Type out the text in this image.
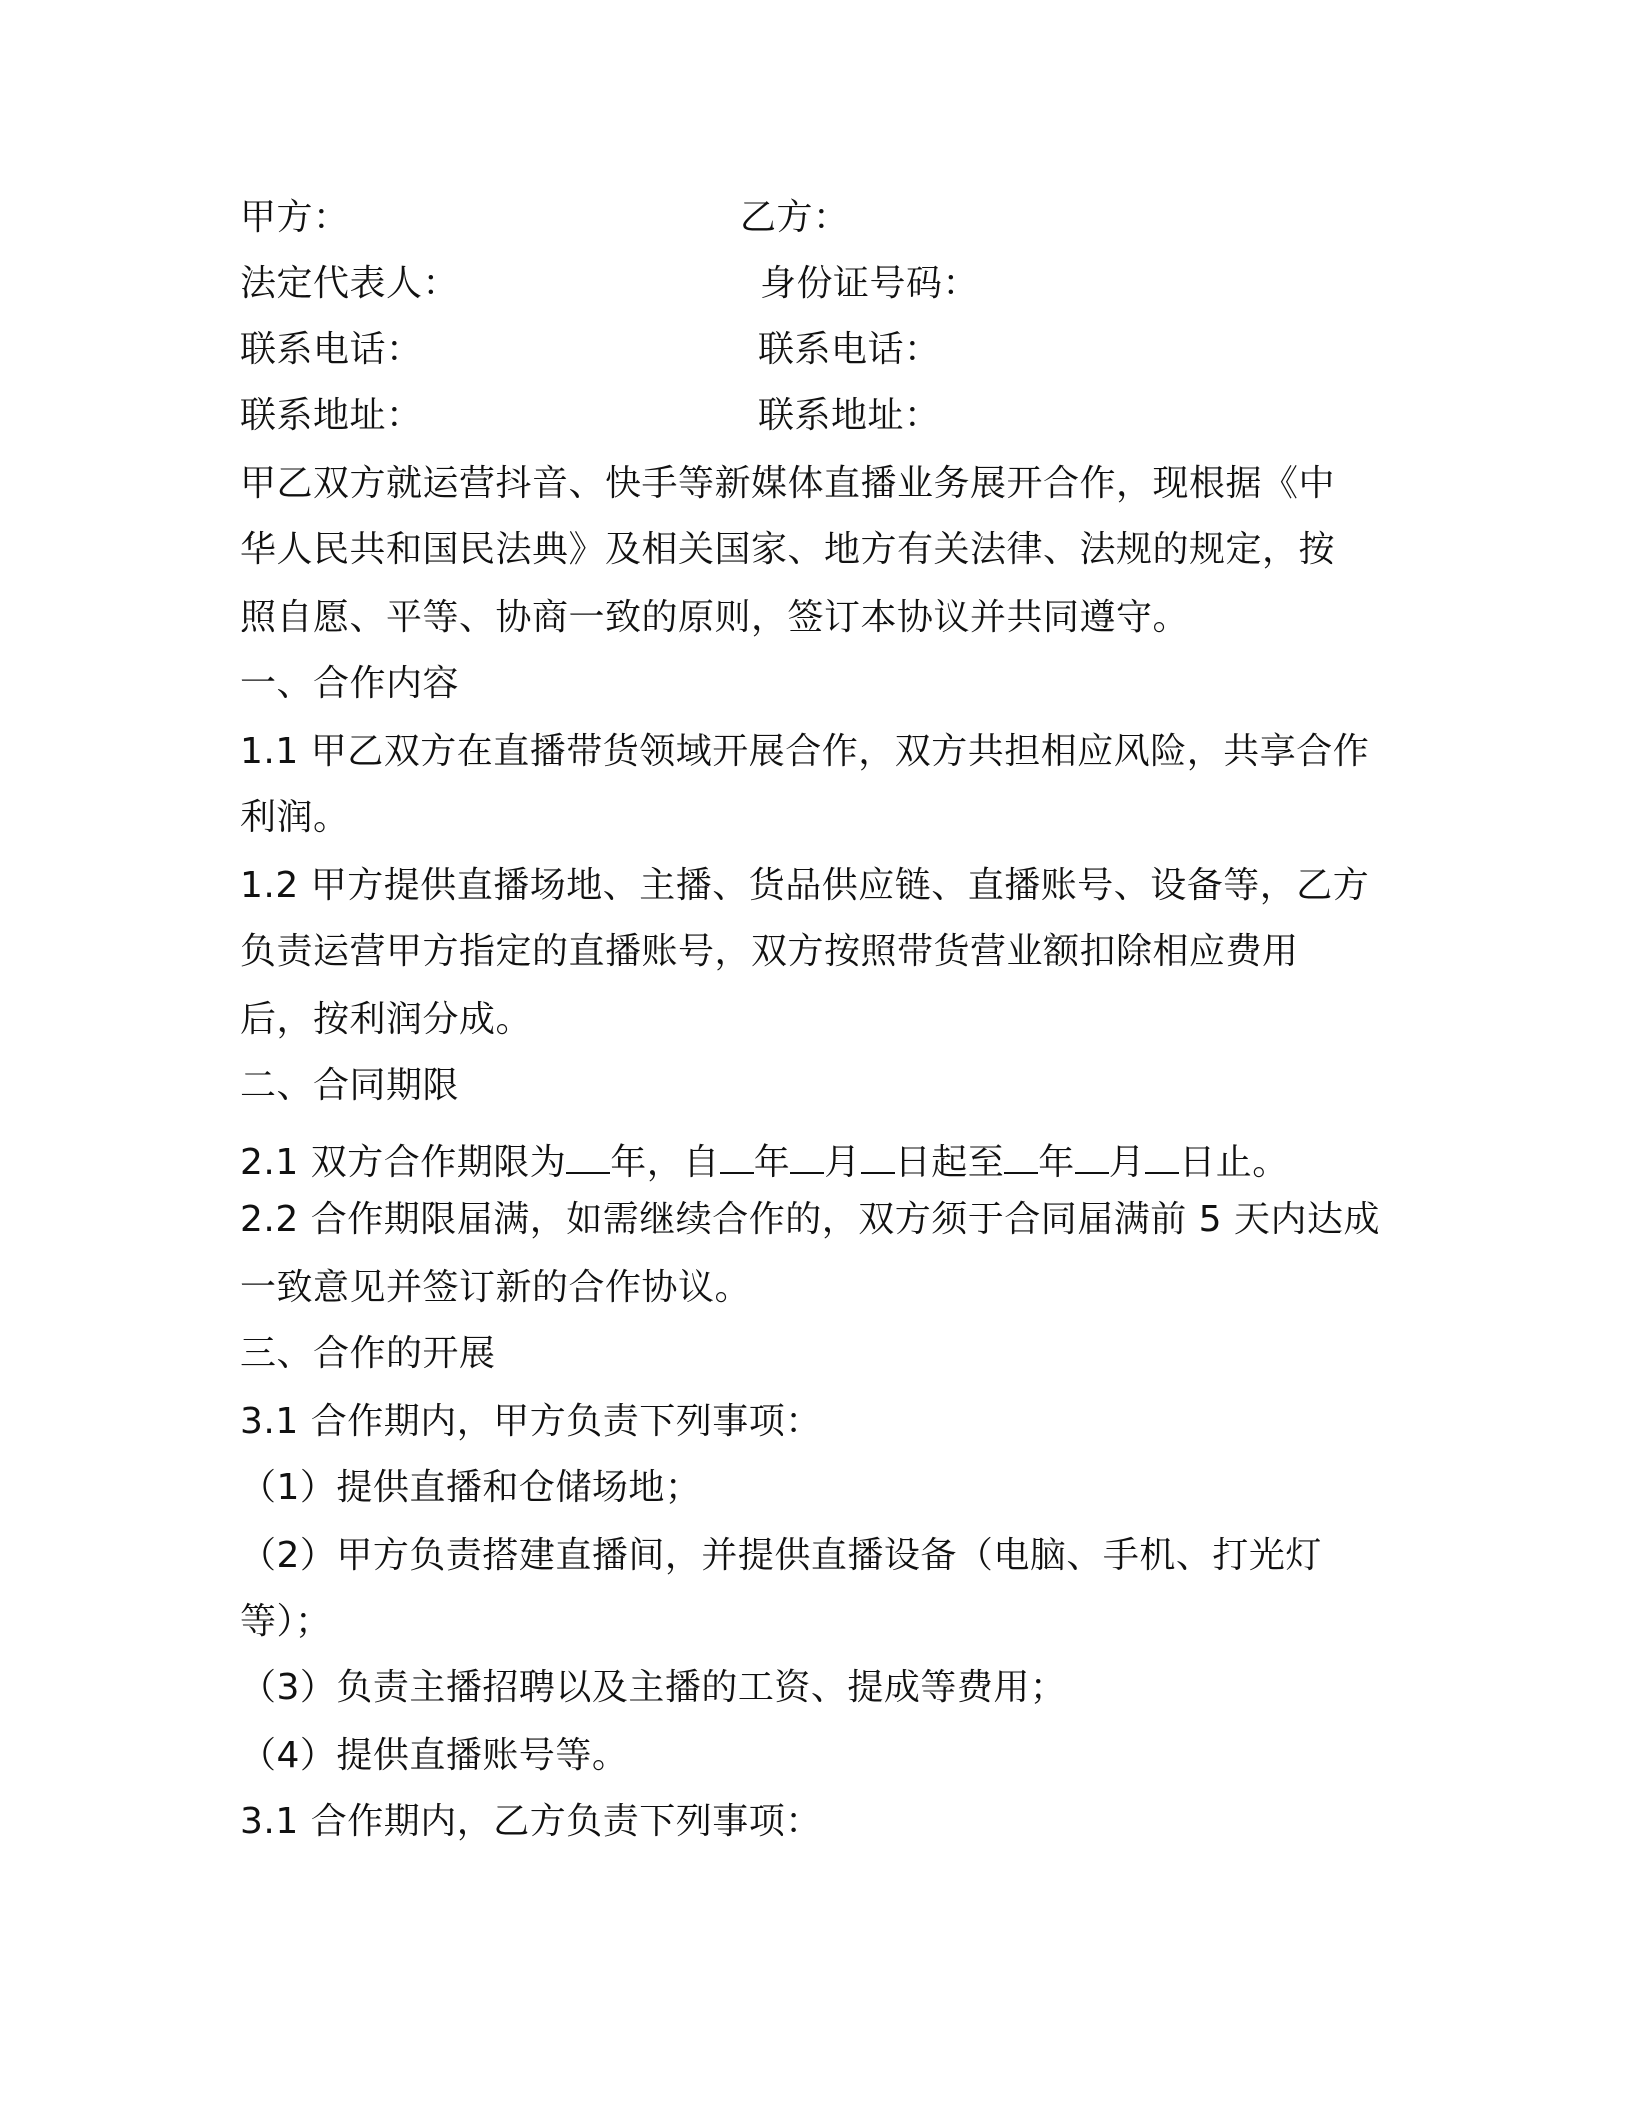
甲方：	乙方：
法定代表人：	身份证号码：
联系电话：	联系电话：
联系地址：	联系地址：
甲乙双方就运营抖音、快手等新媒体直播业务展开合作，现根据《中
华人民共和国民法典》及相关国家、地方有关法律、法规的规定，按
照自愿、平等、协商一致的原则，签订本协议并共同遵守。
一、合作内容
1.1 甲乙双方在直播带货领域开展合作，双方共担相应风险，共享合作
利润。
1.2 甲方提供直播场地、主播、货品供应链、直播账号、设备等，乙方
负责运营甲方指定的直播账号，双方按照带货营业额扣除相应费用
后，按利润分成。
二、合同期限
2.1 双方合作期限为 年，自 年 月 日起至 年 月 日止。
2.2 合作期限届满，如需继续合作的，双方须于合同届满前 5 天内达成
一致意见并签订新的合作协议。
三、合作的开展
3.1 合作期内，甲方负责下列事项：
（1）提供直播和仓储场地；
（2）甲方负责搭建直播间，并提供直播设备（电脑、手机、打光灯
等）；
（3）负责主播招聘以及主播的工资、提成等费用；
（4）提供直播账号等。
3.1 合作期内，乙方负责下列事项：
